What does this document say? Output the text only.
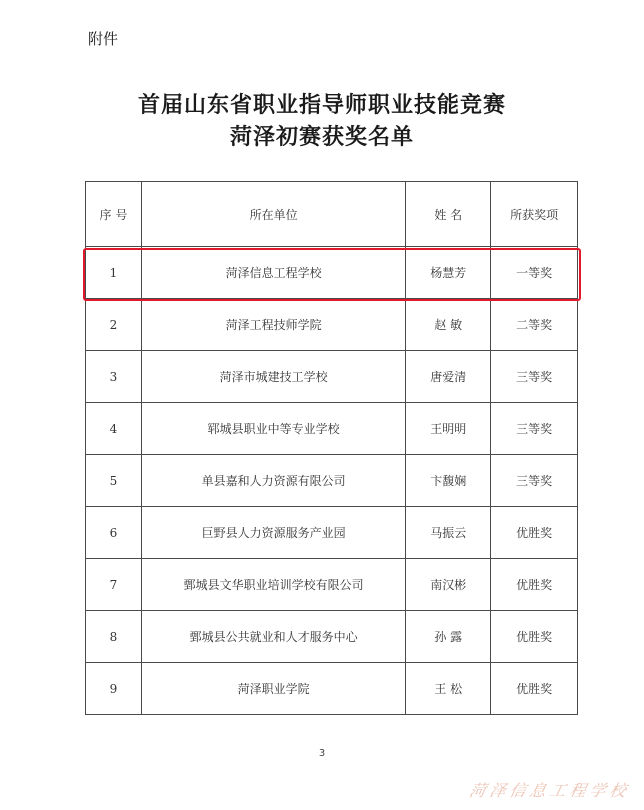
附件
首届山东省职业指导师职业技能竞赛
菏泽初赛获奖名单
序 号	所在单位	姓 名	所获奖项
1	菏泽信息工程学校	杨慧芳	一等奖
2	菏泽工程技师学院	赵 敏	二等奖
3	菏泽市城建技工学校	唐爱清	三等奖
4	郓城县职业中等专业学校	王明明	三等奖
5	单县嘉和人力资源有限公司	卞馥娴	三等奖
6	巨野县人力资源服务产业园	马振云	优胜奖
7	鄄城县文华职业培训学校有限公司	南汉彬	优胜奖
8	鄄城县公共就业和人才服务中心	孙 露	优胜奖
9	菏泽职业学院	王 松	优胜奖
3
菏泽信息工程学校
